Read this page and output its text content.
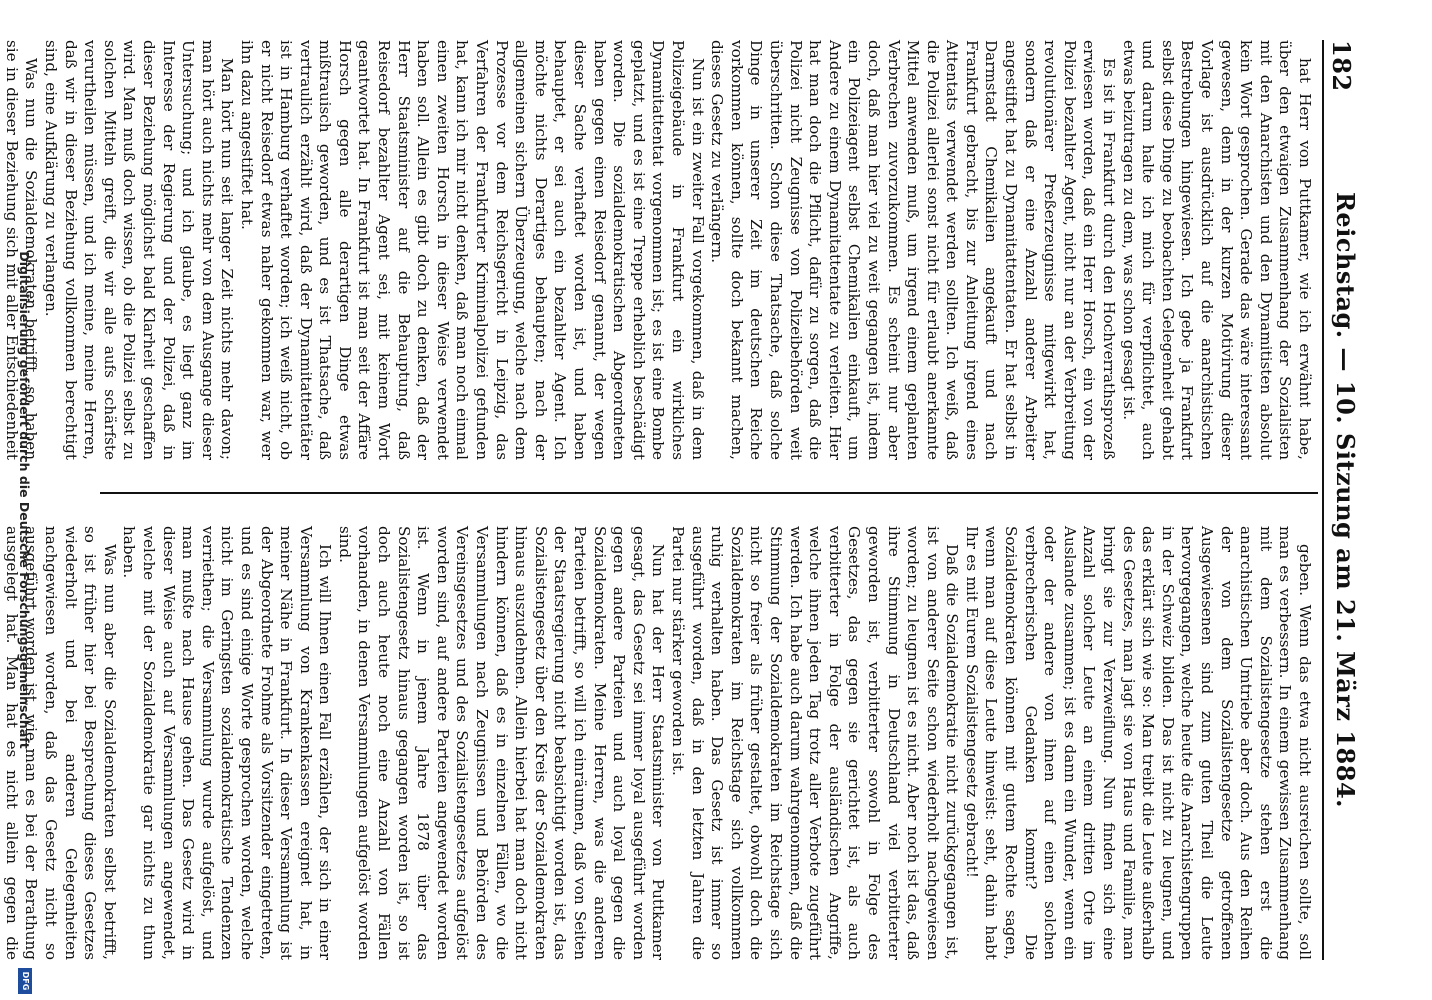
182
Reichstag. — 10. Sitzung am 21. März 1884.

hat Herr von Puttkamer, wie ich erwähnt habe, über den etwaigen Zusammenhang der Sozialisten mit den Anarchisten und den Dynamitisten absolut kein Wort gesprochen. Gerade das wäre interessant gewesen, denn in der kurzen Motivirung dieser Vorlage ist ausdrücklich auf die anarchistischen Bestrebungen hingewiesen. Ich gebe ja Frankfurt selbst diese Dinge zu beobachten Gelegenheit gehabt und darum halte ich mich für verpflichtet, auch etwas beizutragen zu dem, was schon gesagt ist.

Es ist in Frankfurt durch den Hochverrathsprozeß erwiesen worden, daß ein Herr Horsch, ein von der Polizei bezahlter Agent, nicht nur an der Verbreitung revolutionärer Preßerzeugnisse mitgewirkt hat, sondern daß er eine Anzahl anderer Arbeiter angestiftet hat zu Dynamitattentaten. Er hat selbst in Darmstadt Chemikalien angekauft und nach Frankfurt gebracht, bis zur Anleitung irgend eines Attentats verwendet werden sollten. Ich weiß, daß die Polizei allerlei sonst nicht für erlaubt anerkannte Mittel anwenden muß, um irgend einem geplanten Verbrechen zuvorzukommen. Es scheint nur aber doch, daß man hier viel zu weit gegangen ist, indem ein Polizeiagent selbst Chemikalien einkauft, um Andere zu einem Dynamitattentate zu verleiten. Hier hat man doch die Pflicht, dafür zu sorgen, daß die Polizei nicht Zeugnisse von Polizeibehörden weit überschritten. Schon diese Thatsache, daß solche Dinge in unserer Zeit im deutschen Reiche vorkommen können, sollte doch bekannt machen, dieses Gesetz zu verlängern.

Nun ist ein zweiter Fall vorgekommen, daß in dem Polizeigebäude in Frankfurt ein wirkliches Dynamitattentat vorgenommen ist; es ist eine Bombe geplatzt, und es ist eine Treppe erheblich beschädigt worden. Die sozialdemokratischen Abgeordneten haben gegen einen Reisedorf genannt, der wegen dieser Sache verhaftet worden ist, und haben behauptet, er sei auch ein bezahlter Agent. Ich möchte nichts Derartiges behaupten; nach der allgemeinen sichern Überzeugung, welche nach dem Prozesse vor dem Reichsgericht in Leipzig, das Verfahren der Frankfurter Kriminalpolizei gefunden hat, kann ich mir nicht denken, daß man noch einmal einen zweiten Horsch in dieser Weise verwendet haben soll. Allein es gibt doch zu denken, daß der Herr Staatsminister auf die Behauptung, daß Reisedorf bezahlter Agent sei, mit keinem Wort geantwortet hat. In Frankfurt ist man seit der Affäre Horsch gegen alle derartigen Dinge etwas mißtrauisch geworden, und es ist Thatsache, daß vertraulich erzählt wird, daß der Dynamitattentäter ist in Hamburg verhaftet worden; ich weiß nicht, ob er nicht Reisedorf etwas naher gekommen war, wer ihn dazu angestiftet hat.

Man hört nun seit langer Zeit nichts mehr davon; man hört auch nichts mehr von dem Ausgange dieser Untersuchung; und ich glaube, es liegt ganz im Interesse der Regierung und der Polizei, daß in dieser Beziehung möglichst bald Klarheit geschaffen wird. Man muß doch wissen, ob die Polizei selbst zu solchen Mitteln greift, die wir alle aufs schärfste verurtheilen müssen, und ich meine, meine Herren, daß wir in dieser Beziehung vollkommen berechtigt sind, eine Aufklärung zu verlangen.

Was nun die Sozialdemokraten betrifft, so haben sie in dieser Beziehung sich mit aller Entschiedenheit

geben. Wenn das etwa nicht ausreichen sollte, soll man es verbessern. In einem gewissen Zusammenhang mit dem Sozialistengesetze stehen erst die anarchistischen Umtriebe aber doch. Aus den Reihen der von dem Sozialistengesetze getroffenen Ausgewiesenen sind zum guten Theil die Leute hervorgegangen, welche heute die Anarchistengruppen in der Schweiz bilden. Das ist nicht zu leugnen, und das erklärt sich wie so: Man treibt die Leute außerhalb des Gesetzes, man jagt sie von Haus und Familie, man bringt sie zur Verzweiflung. Nun finden sich eine Anzahl solcher Leute an einem dritten Orte im Auslande zusammen; ist es dann ein Wunder, wenn ein oder der andere von ihnen auf einen solchen verbrecherischen Gedanken kommt? Die Sozialdemokraten können mit gutem Rechte sagen, wenn man auf diese Leute hinweist: seht, dahin habt Ihr es mit Eurem Sozialistengesetz gebracht!

Daß die Sozialdemokratie nicht zurückgegangen ist, ist von anderer Seite schon wiederholt nachgewiesen worden; zu leugnen ist es nicht. Aber noch ist das, daß ihre Stimmung in Deutschland viel verbitterter geworden ist, verbitterter sowohl in Folge des Gesetzes, das gegen sie gerichtet ist, als auch verbitterter in Folge der ausländischen Angriffe, welche ihnen jeden Tag trotz aller Verbote zugeführt werden. Ich habe auch darum wahrgenommen, daß die Stimmung der Sozialdemokraten im Reichstage sich nicht so freier als früher gestaltet, obwohl doch die Sozialdemokraten im Reichstage sich vollkommen ruhig verhalten haben. Das Gesetz ist immer so ausgeführt worden, daß in den letzten Jahren die Partei nur stärker geworden ist.

Nun hat der Herr Staatsminister von Puttkamer gesagt, das Gesetz sei immer loyal ausgeführt worden gegen andere Parteien und auch loyal gegen die Sozialdemokraten. Meine Herren, was die anderen Parteien betrifft, so will ich einräumen, daß von Seiten der Staatsregierung nicht beabsichtigt worden ist, das Sozialistengesetz über den Kreis der Sozialdemokraten hinaus auszudehnen. Allein hierbei hat man doch nicht hindern können, daß es in einzelnen Fällen, wo die Versammlungen nach Zeugnissen und Behörden des Vereinsgesetzes und des Sozialistengesetzes aufgelöst worden sind, auf andere Parteien angewendet worden ist. Wenn in jenem Jahre 1878 über das Sozialistengesetz hinaus gegangen worden ist, so ist doch auch heute noch eine Anzahl von Fällen vorhanden, in denen Versammlungen aufgelöst worden sind.

Ich will Ihnen einen Fall erzählen, der sich in einer Versammlung von Krankenkassen ereignet hat, in meiner Nähe in Frankfurt. In dieser Versammlung ist der Abgeordnete Frohme als Vorsitzender eingetreten, und es sind einige Worte gesprochen worden, welche nicht im Geringsten sozialdemokratische Tendenzen verriethen; die Versammlung wurde aufgelöst, und man mußte nach Hause gehen. Das Gesetz wird in dieser Weise auch auf Versammlungen angewendet, welche mit der Sozialdemokratie gar nichts zu thun haben.

Was nun aber die Sozialdemokraten selbst betrifft, so ist früher hier bei Besprechung dieses Gesetzes wiederholt und bei anderen Gelegenheiten nachgewiesen worden, daß das Gesetz nicht so ausgeführt worden ist, wie man es bei der Berathung ausgelegt hat. Man hat es nicht allein gegen die

Digitalisierung gefördert durch die Deutsche Forschungsgemeinschaft
DFG
